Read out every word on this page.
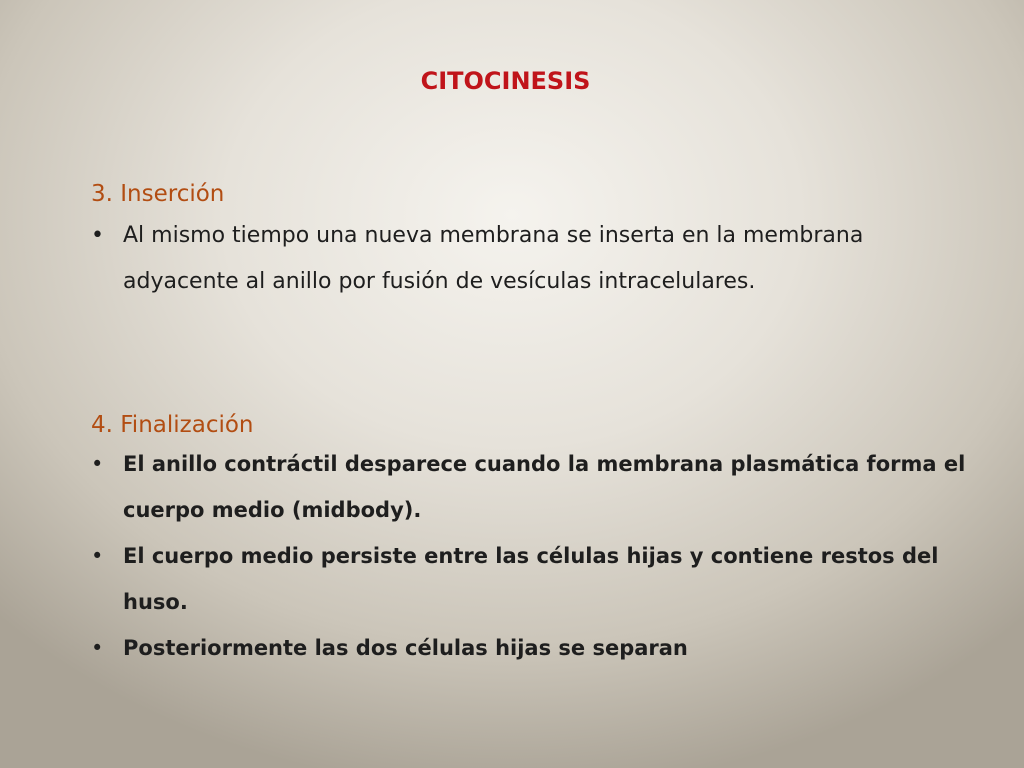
CITOCINESIS
3. Inserción
• Al mismo tiempo una nueva membrana se inserta en la membrana adyacente al anillo por fusión de vesículas intracelulares.
4. Finalización
• El anillo contráctil desparece cuando la membrana plasmática forma el cuerpo medio (midbody).
• El cuerpo medio persiste entre las células hijas y contiene restos del huso.
• Posteriormente las dos células hijas se separan
